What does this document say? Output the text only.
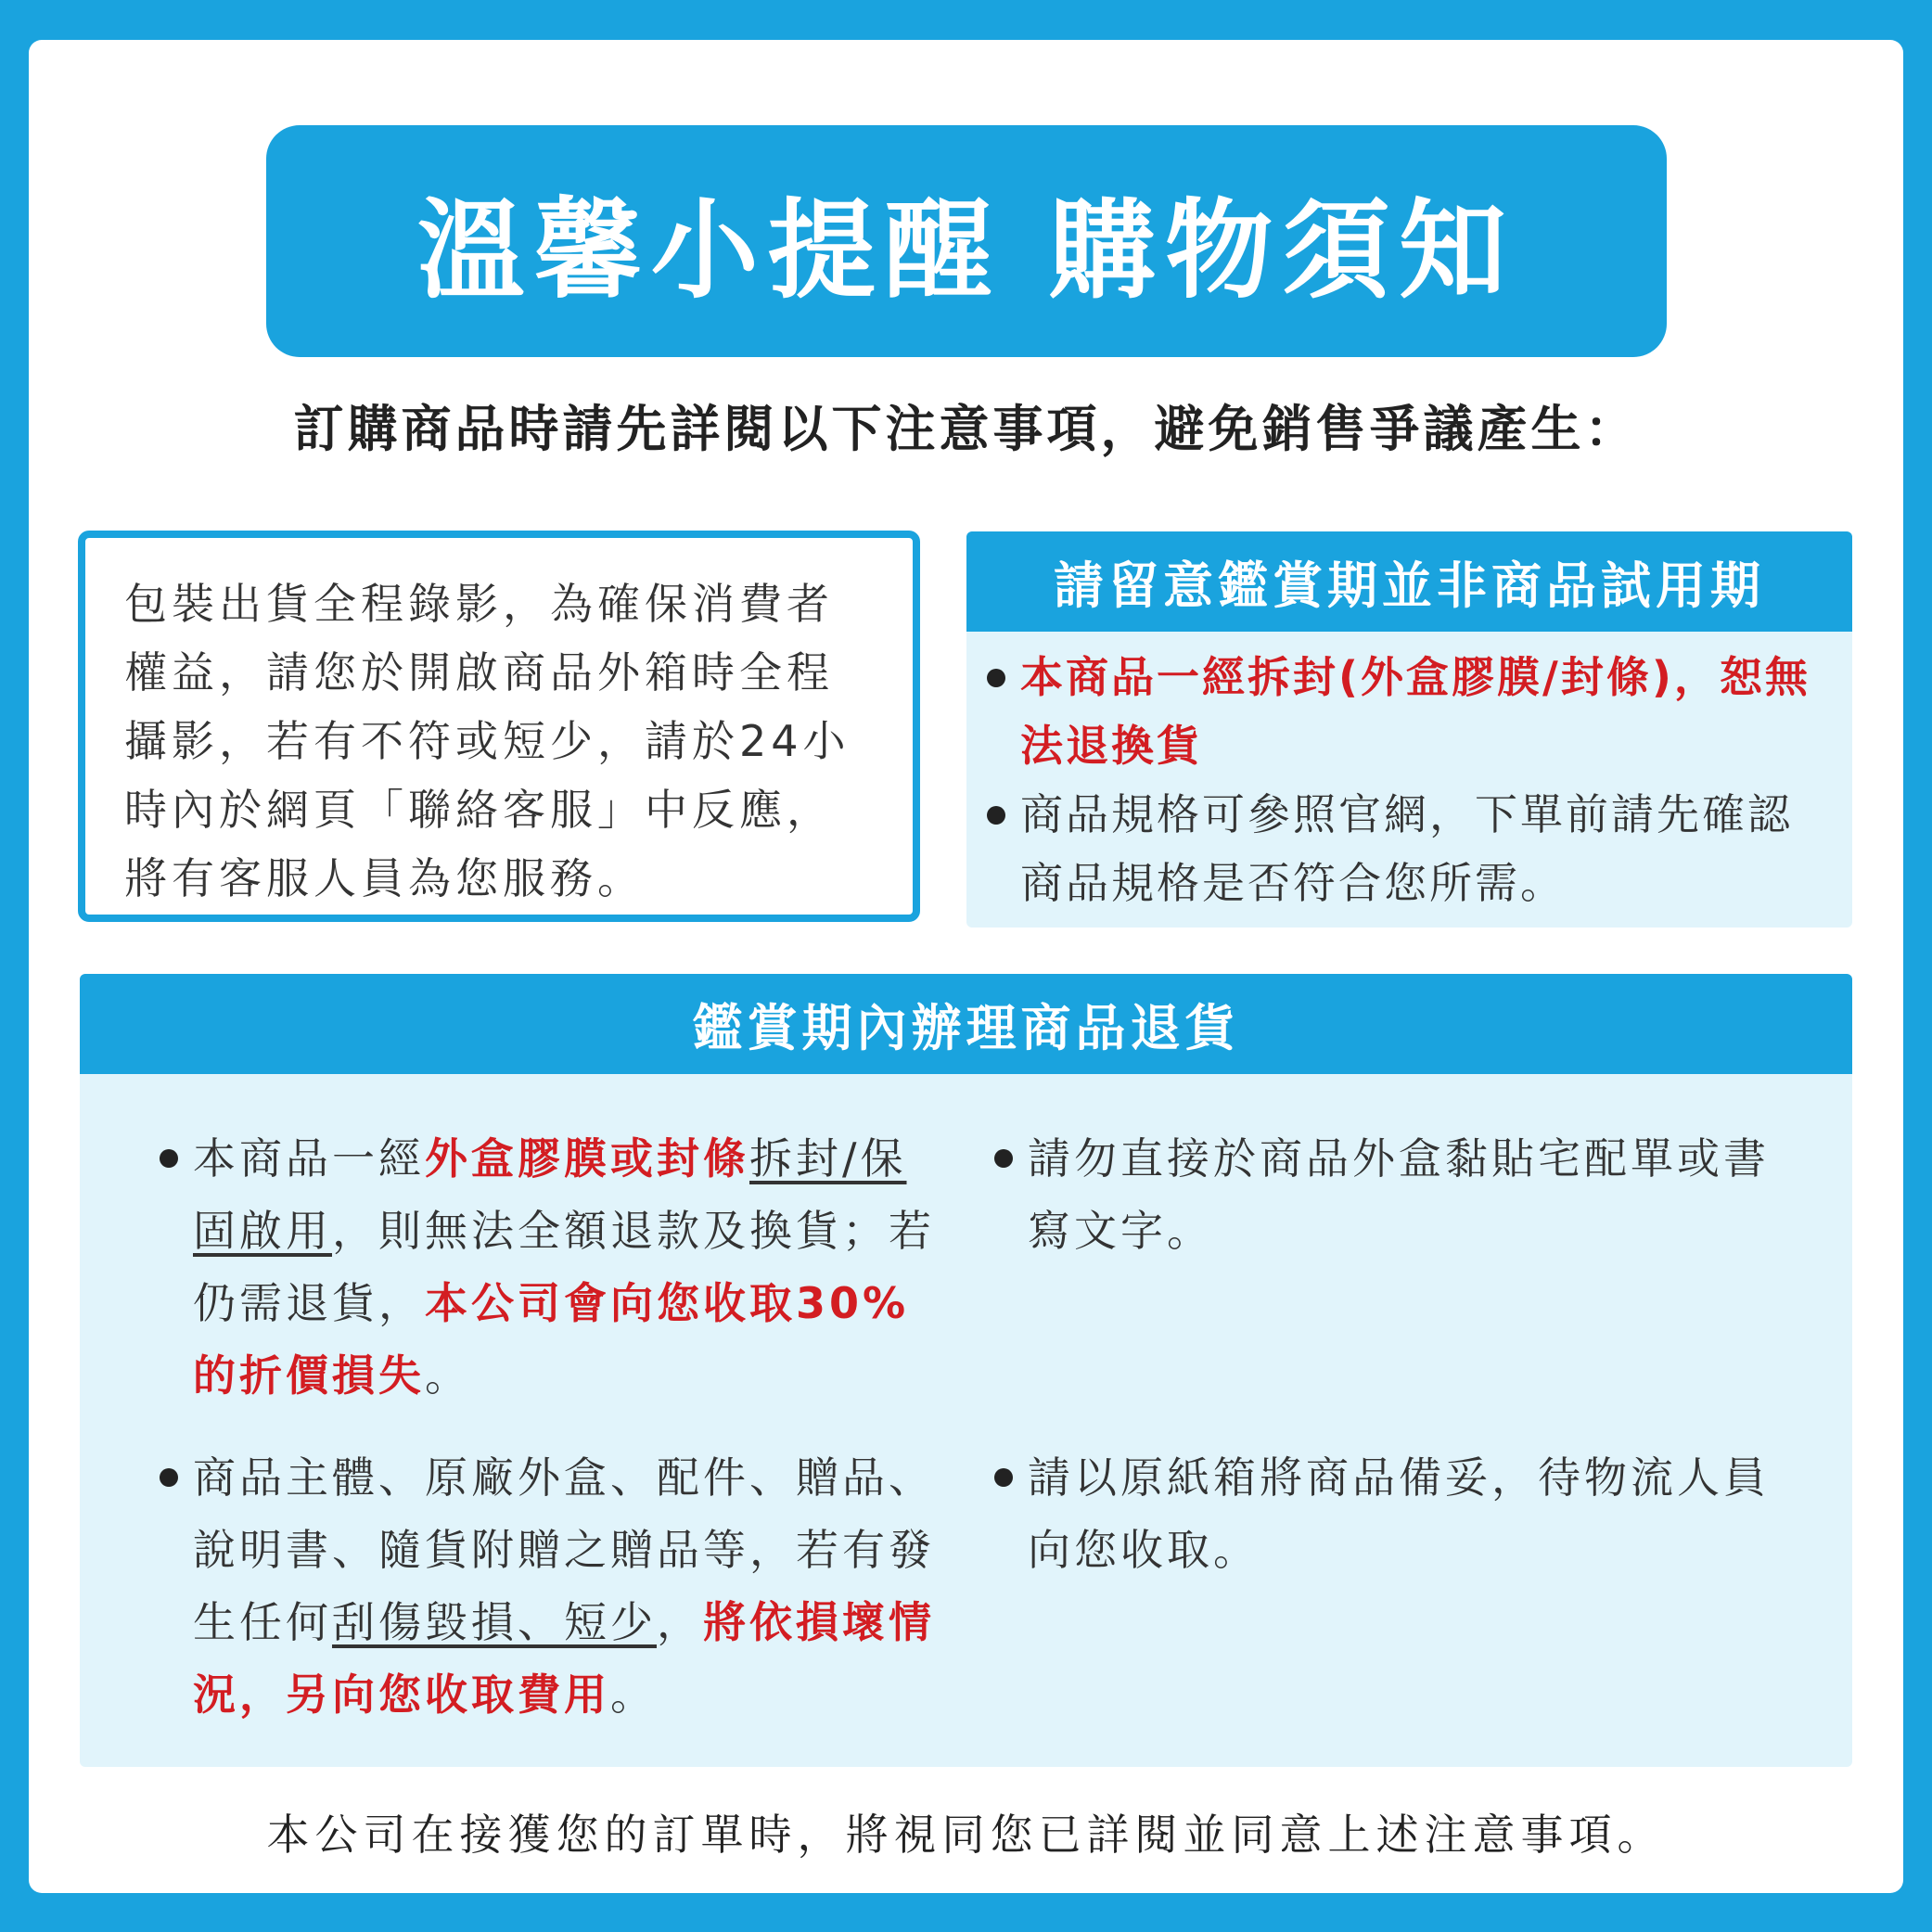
溫馨小提醒 購物須知
訂購商品時請先詳閱以下注意事項，避免銷售爭議產生：
包裝出貨全程錄影，為確保消費者權益，請您於開啟商品外箱時全程攝影，若有不符或短少，請於24小時內於網頁「聯絡客服」中反應，將有客服人員為您服務。
請留意鑑賞期並非商品試用期
本商品一經拆封(外盒膠膜/封條)，恕無法退換貨
商品規格可參照官網，下單前請先確認商品規格是否符合您所需。
鑑賞期內辦理商品退貨
本商品一經外盒膠膜或封條拆封/保固啟用，則無法全額退款及換貨；若仍需退貨，本公司會向您收取30%的折價損失。
請勿直接於商品外盒黏貼宅配單或書寫文字。
商品主體、原廠外盒、配件、贈品、說明書、隨貨附贈之贈品等，若有發生任何刮傷毀損、短少，將依損壞情況，另向您收取費用。
請以原紙箱將商品備妥，待物流人員向您收取。
本公司在接獲您的訂單時，將視同您已詳閱並同意上述注意事項。
